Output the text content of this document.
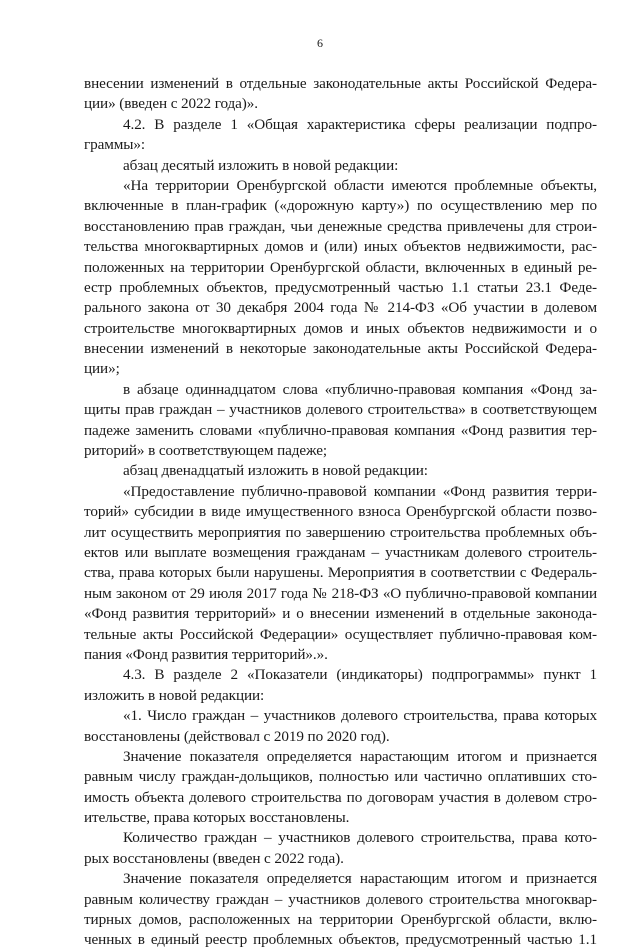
6
внесении изменений в отдельные законодательные акты Российской Федера-
ции» (введен с 2022 года)».
4.2. В разделе 1 «Общая характеристика сферы реализации подпро-
граммы»:
абзац десятый изложить в новой редакции:
«На территории Оренбургской области имеются проблемные объекты,
включенные в план-график («дорожную карту») по осуществлению мер по
восстановлению прав граждан, чьи денежные средства привлечены для строи-
тельства многоквартирных домов и (или) иных объектов недвижимости, рас-
положенных на территории Оренбургской области, включенных в единый ре-
естр проблемных объектов, предусмотренный частью 1.1 статьи 23.1 Феде-
рального закона от 30 декабря 2004 года № 214-ФЗ «Об участии в долевом
строительстве многоквартирных домов и иных объектов недвижимости и о
внесении изменений в некоторые законодательные акты Российской Федера-
ции»;
в абзаце одиннадцатом слова «публично-правовая компания «Фонд за-
щиты прав граждан – участников долевого строительства» в соответствующем
падеже заменить словами «публично-правовая компания «Фонд развития тер-
риторий» в соответствующем падеже;
абзац двенадцатый изложить в новой редакции:
«Предоставление публично-правовой компании «Фонд развития терри-
торий» субсидии в виде имущественного взноса Оренбургской области позво-
лит осуществить мероприятия по завершению строительства проблемных объ-
ектов или выплате возмещения гражданам – участникам долевого строитель-
ства, права которых были нарушены. Мероприятия в соответствии с Федераль-
ным законом от 29 июля 2017 года № 218-ФЗ «О публично-правовой компании
«Фонд развития территорий» и о внесении изменений в отдельные законода-
тельные акты Российской Федерации» осуществляет публично-правовая ком-
пания «Фонд развития территорий».».
4.3. В разделе 2 «Показатели (индикаторы) подпрограммы» пункт 1
изложить в новой редакции:
«1. Число граждан – участников долевого строительства, права которых
восстановлены (действовал с 2019 по 2020 год).
Значение показателя определяется нарастающим итогом и признается
равным числу граждан-дольщиков, полностью или частично оплативших сто-
имость объекта долевого строительства по договорам участия в долевом стро-
ительстве, права которых восстановлены.
Количество граждан – участников долевого строительства, права кото-
рых восстановлены (введен с 2022 года).
Значение показателя определяется нарастающим итогом и признается
равным количеству граждан – участников долевого строительства многоквар-
тирных домов, расположенных на территории Оренбургской области, вклю-
ченных в единый реестр проблемных объектов, предусмотренный частью 1.1
